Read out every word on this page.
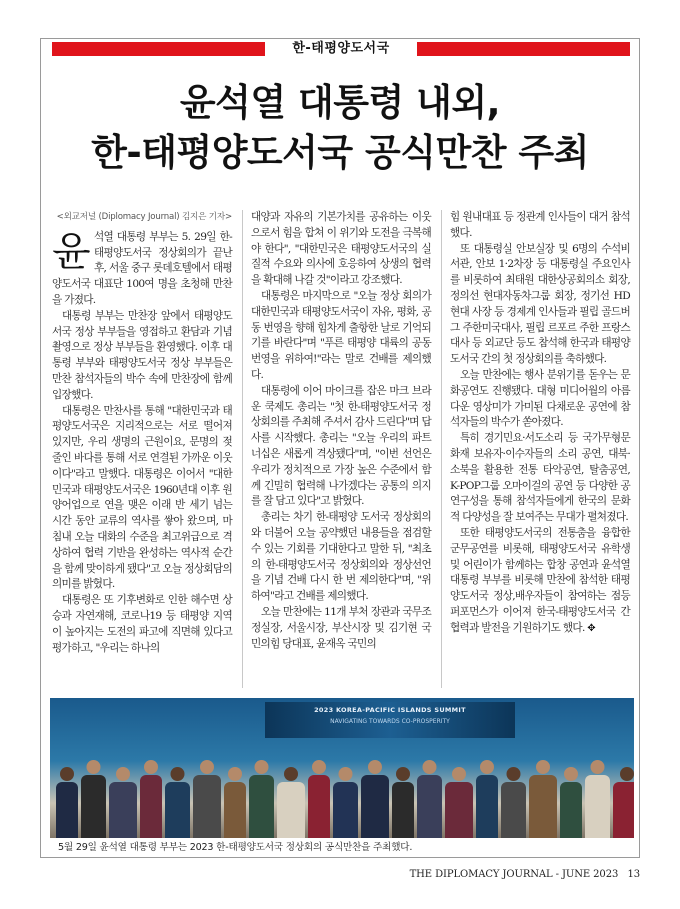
한-태평양도서국
윤석열 대통령 내외,
한-태평양도서국 공식만찬 주최
<외교저널 (Diplomacy Journal) 김지은 기자>

윤석열 대통령 부부는 5. 29일 한-태평양도서국 정상회의가 끝난 후, 서울 중구 롯데호텔에서 태평양도서국 대표단 100여 명을 초청해 만찬을 가졌다.

대통령 부부는 만찬장 앞에서 태평양도서국 정상 부부들을 영접하고 환담과 기념촬영으로 정상 부부들을 환영했다. 이후 대통령 부부와 태평양도서국 정상 부부들은 만찬 참석자들의 박수 속에 만찬장에 함께 입장했다.

대통령은 만찬사를 통해 "대한민국과 태평양도서국은 지리적으로는 서로 떨어져 있지만, 우리 생명의 근원이요, 문명의 젖줄인 바다를 통해 서로 연결된 가까운 이웃이다"라고 말했다. 대통령은 이어서 "대한민국과 태평양도서국은 1960년대 이후 원양어업으로 연을 맺은 이래 반 세기 넘는 시간 동안 교류의 역사를 쌓아 왔으며, 마침내 오늘 대화의 수준을 최고위급으로 격상하여 협력 기반을 완성하는 역사적 순간을 함께 맞이하게 됐다"고 오늘 정상회담의 의미를 밝혔다.

대통령은 또 기후변화로 인한 해수면 상승과 자연재해, 코로나19 등 태평양 지역이 높아지는 도전의 파고에 직면해 있다고 평가하고, "우리는 하나의

대양과 자유의 기본가치를 공유하는 이웃으로서 힘을 합쳐 이 위기와 도전을 극복해야 한다", "대한민국은 태평양도서국의 실질적 수요와 의사에 호응하여 상생의 협력을 확대해 나갈 것"이라고 강조했다.

대통령은 마지막으로 "오늘 정상 회의가 대한민국과 태평양도서국이 자유, 평화, 공동 번영을 향해 힘차게 출항한 날로 기억되기를 바란다"며 "푸른 태평양 대륙의 공동 번영을 위하여!"라는 말로 건배를 제의했다.

대통령에 이어 마이크를 잡은 마크 브라운 쿡제도 총리는 "첫 한-태평양도서국 정상회의를 주최해 주셔서 감사 드린다"며 답사를 시작했다. 총리는 "오늘 우리의 파트너십은 새롭게 격상됐다"며, "이번 선언은 우리가 정치적으로 가장 높은 수준에서 함께 긴밀히 협력해 나가겠다는 공통의 의지를 잘 담고 있다"고 밝혔다.

총리는 차기 한-태평양 도서국 정상회의와 더불어 오늘 공약했던 내용들을 점검할 수 있는 기회를 기대한다고 말한 뒤, "최초의 한-태평양도서국 정상회의와 정상선언을 기념 건배 다시 한 번 제의한다"며, "위하여"라고 건배를 제의했다.

오늘 만찬에는 11개 부처 장관과 국무조정실장, 서울시장, 부산시장 및 김기현 국민의힘 당대표, 윤재옥 국민의

힘 원내대표 등 정관계 인사들이 대거 참석했다.

또 대통령실 안보실장 및 6명의 수석비서관, 안보 1·2차장 등 대통령실 주요인사를 비롯하여 최태원 대한상공회의소 회장, 정의선 현대자동차그룹 회장, 정기선 HD현대 사장 등 경제계 인사들과 필립 골드버그 주한미국대사, 필립 르포르 주한 프랑스 대사 등 외교단 등도 참석해 한국과 태평양도서국 간의 첫 정상회의를 축하했다.

오늘 만찬에는 행사 분위기를 돋우는 문화공연도 진행됐다. 대형 미디어월의 아름다운 영상미가 가미된 다채로운 공연에 참석자들의 박수가 쏟아졌다.

특히 경기민요·서도소리 등 국가무형문화재 보유자·이수자들의 소리 공연, 대북·소북을 활용한 전통 타악공연, 탈춤공연, K-POP그룹 오마이걸의 공연 등 다양한 공연구성을 통해 참석자들에게 한국의 문화적 다양성을 잘 보여주는 무대가 펼쳐졌다.

또한 태평양도서국의 전통춤을 융합한 군무공연를 비롯해, 태평양도서국 유학생 및 어린이가 함께하는 합창 공연과 윤석열 대통령 부부를 비롯해 만찬에 참석한 태평양도서국 정상,배우자들이 참여하는 점등 퍼포먼스가 이어져 한국-태평양도서국 간 협력과 발전을 기원하기도 했다. ✥

2023 KOREA-PACIFIC ISLANDS SUMMIT
NAVIGATING TOWARDS CO-PROSPERITY
5월 29일 윤석열 대통령 부부는 2023 한-태평양도서국 정상회의 공식만찬을 주최했다.
THE DIPLOMACY JOURNAL - JUNE 2023 13
